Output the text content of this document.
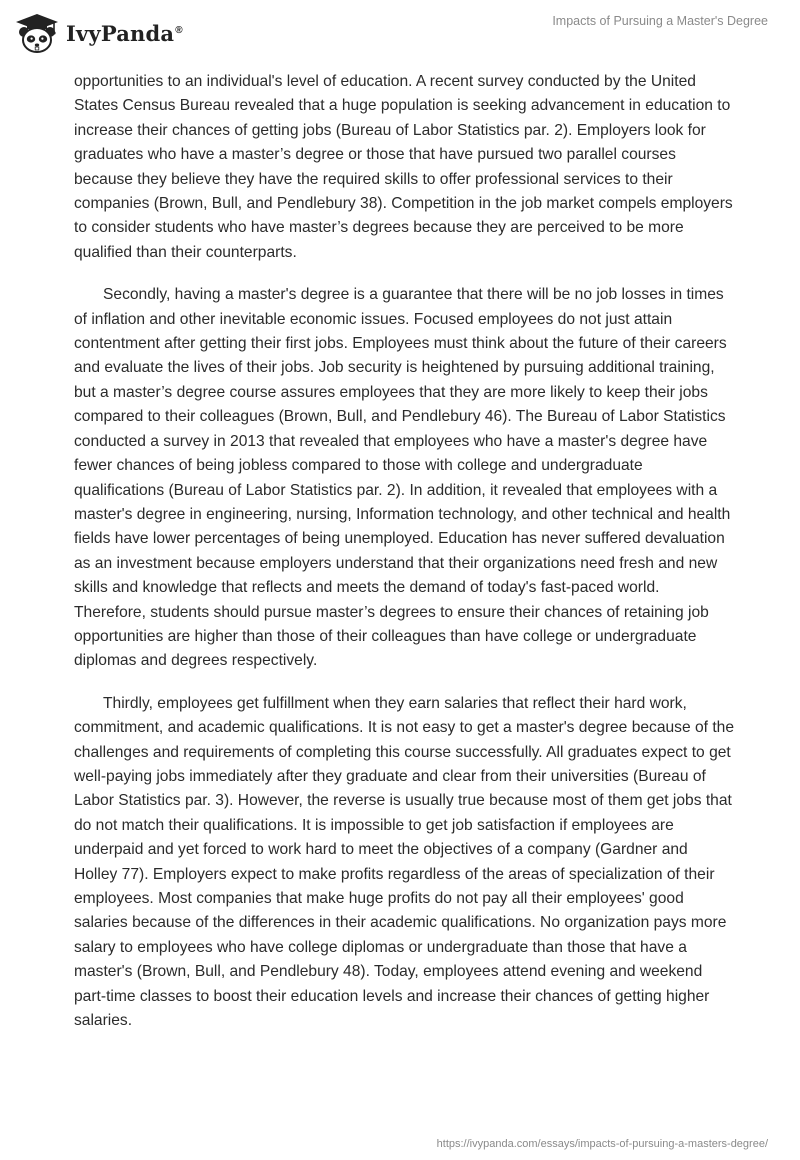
IvyPanda®
Impacts of Pursuing a Master's Degree

opportunities to an individual's level of education. A recent survey conducted by the United States Census Bureau revealed that a huge population is seeking advancement in education to increase their chances of getting jobs (Bureau of Labor Statistics par. 2). Employers look for graduates who have a master’s degree or those that have pursued two parallel courses because they believe they have the required skills to offer professional services to their companies (Brown, Bull, and Pendlebury 38). Competition in the job market compels employers to consider students who have master’s degrees because they are perceived to be more qualified than their counterparts.

Secondly, having a master's degree is a guarantee that there will be no job losses in times of inflation and other inevitable economic issues. Focused employees do not just attain contentment after getting their first jobs. Employees must think about the future of their careers and evaluate the lives of their jobs. Job security is heightened by pursuing additional training, but a master’s degree course assures employees that they are more likely to keep their jobs compared to their colleagues (Brown, Bull, and Pendlebury 46). The Bureau of Labor Statistics conducted a survey in 2013 that revealed that employees who have a master's degree have fewer chances of being jobless compared to those with college and undergraduate qualifications (Bureau of Labor Statistics par. 2). In addition, it revealed that employees with a master's degree in engineering, nursing, Information technology, and other technical and health fields have lower percentages of being unemployed. Education has never suffered devaluation as an investment because employers understand that their organizations need fresh and new skills and knowledge that reflects and meets the demand of today's fast-paced world. Therefore, students should pursue master’s degrees to ensure their chances of retaining job opportunities are higher than those of their colleagues than have college or undergraduate diplomas and degrees respectively.

Thirdly, employees get fulfillment when they earn salaries that reflect their hard work, commitment, and academic qualifications. It is not easy to get a master's degree because of the challenges and requirements of completing this course successfully. All graduates expect to get well-paying jobs immediately after they graduate and clear from their universities (Bureau of Labor Statistics par. 3). However, the reverse is usually true because most of them get jobs that do not match their qualifications. It is impossible to get job satisfaction if employees are underpaid and yet forced to work hard to meet the objectives of a company (Gardner and Holley 77). Employers expect to make profits regardless of the areas of specialization of their employees. Most companies that make huge profits do not pay all their employees' good salaries because of the differences in their academic qualifications. No organization pays more salary to employees who have college diplomas or undergraduate than those that have a master's (Brown, Bull, and Pendlebury 48). Today, employees attend evening and weekend part-time classes to boost their education levels and increase their chances of getting higher salaries.

https://ivypanda.com/essays/impacts-of-pursuing-a-masters-degree/
